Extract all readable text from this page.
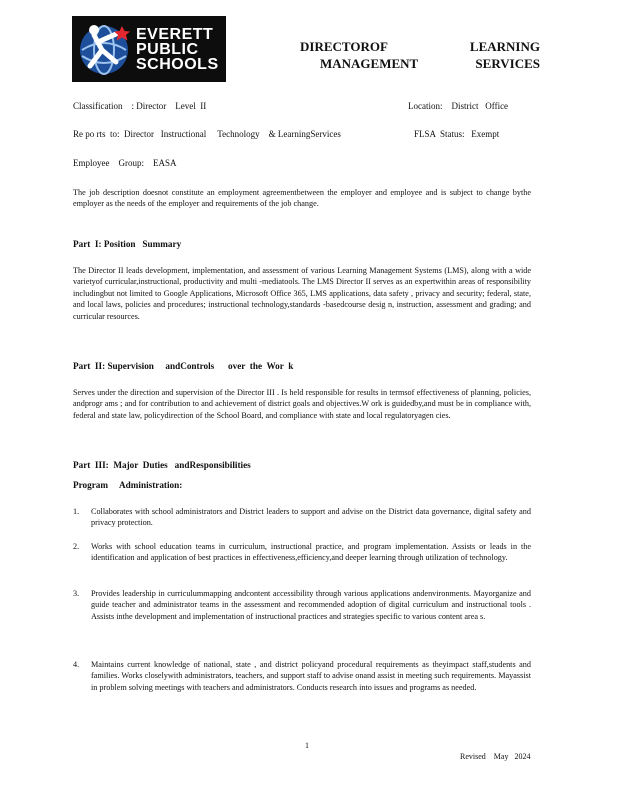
EVERETT
PUBLIC
SCHOOLS
DIRECTOROF	LEARNING
MANAGEMENT	SERVICES
Classification    : Director    Level  II	Location:    District   Office
Re po rts  to:  Director   Instructional     Technology    & LearningServices	FLSA  Status:   Exempt
Employee    Group:    EASA
The job description doesnot constitute an employment agreementbetween the employer and employee and is subject to change bythe employer as the needs of the employer and requirements of the job change.
Part  I: Position   Summary
The Director II leads development, implementation, and assessment of various Learning Management Systems (LMS), along with a wide varietyof curricular,instructional, productivity and multi -mediatools. The LMS Director II serves as an expertwithin areas of responsibility includingbut not limited to Google Applications, Microsoft Office 365, LMS applications, data safety , privacy and security; federal, state, and local laws, policies and procedures; instructional technology,standards -basedcourse desig n, instruction, assessment and grading; and curricular resources.
Part  II: Supervision     andControls      over  the  Wor  k
Serves under the direction and supervision of the Director III . Is held responsible for results in termsof effectiveness of planning, policies, andprogr ams ; and for contribution to and achievement of district goals and objectives.W ork is guidedby,and must be in compliance with, federal and state law, policydirection of the School Board, and compliance with state and local regulatoryagen cies.
Part  III:  Major  Duties   andResponsibilities
Program     Administration:
1. Collaborates with school administrators and District leaders to support and advise on the District data governance, digital safety and privacy protection.
2. Works with school education teams in curriculum, instructional practice, and program implementation. Assists or leads in the identification and application of best practices in effectiveness,efficiency,and deeper learning through utilization of technology.
3. Provides leadership in curriculummapping andcontent accessibility through various applications andenvironments. Mayorganize and guide teacher and administrator teams in the assessment and recommended adoption of digital curriculum and instructional tools . Assists inthe development and implementation of instructional practices and strategies specific to various content area s.
4. Maintains current knowledge of national, state , and district policyand procedural requirements as theyimpact staff,students and families. Works closelywith administrators, teachers, and support staff to advise onand assist in meeting such requirements. Mayassist in problem solving meetings with teachers and administrators. Conducts research into issues and programs as needed.
1
Revised    May   2024
